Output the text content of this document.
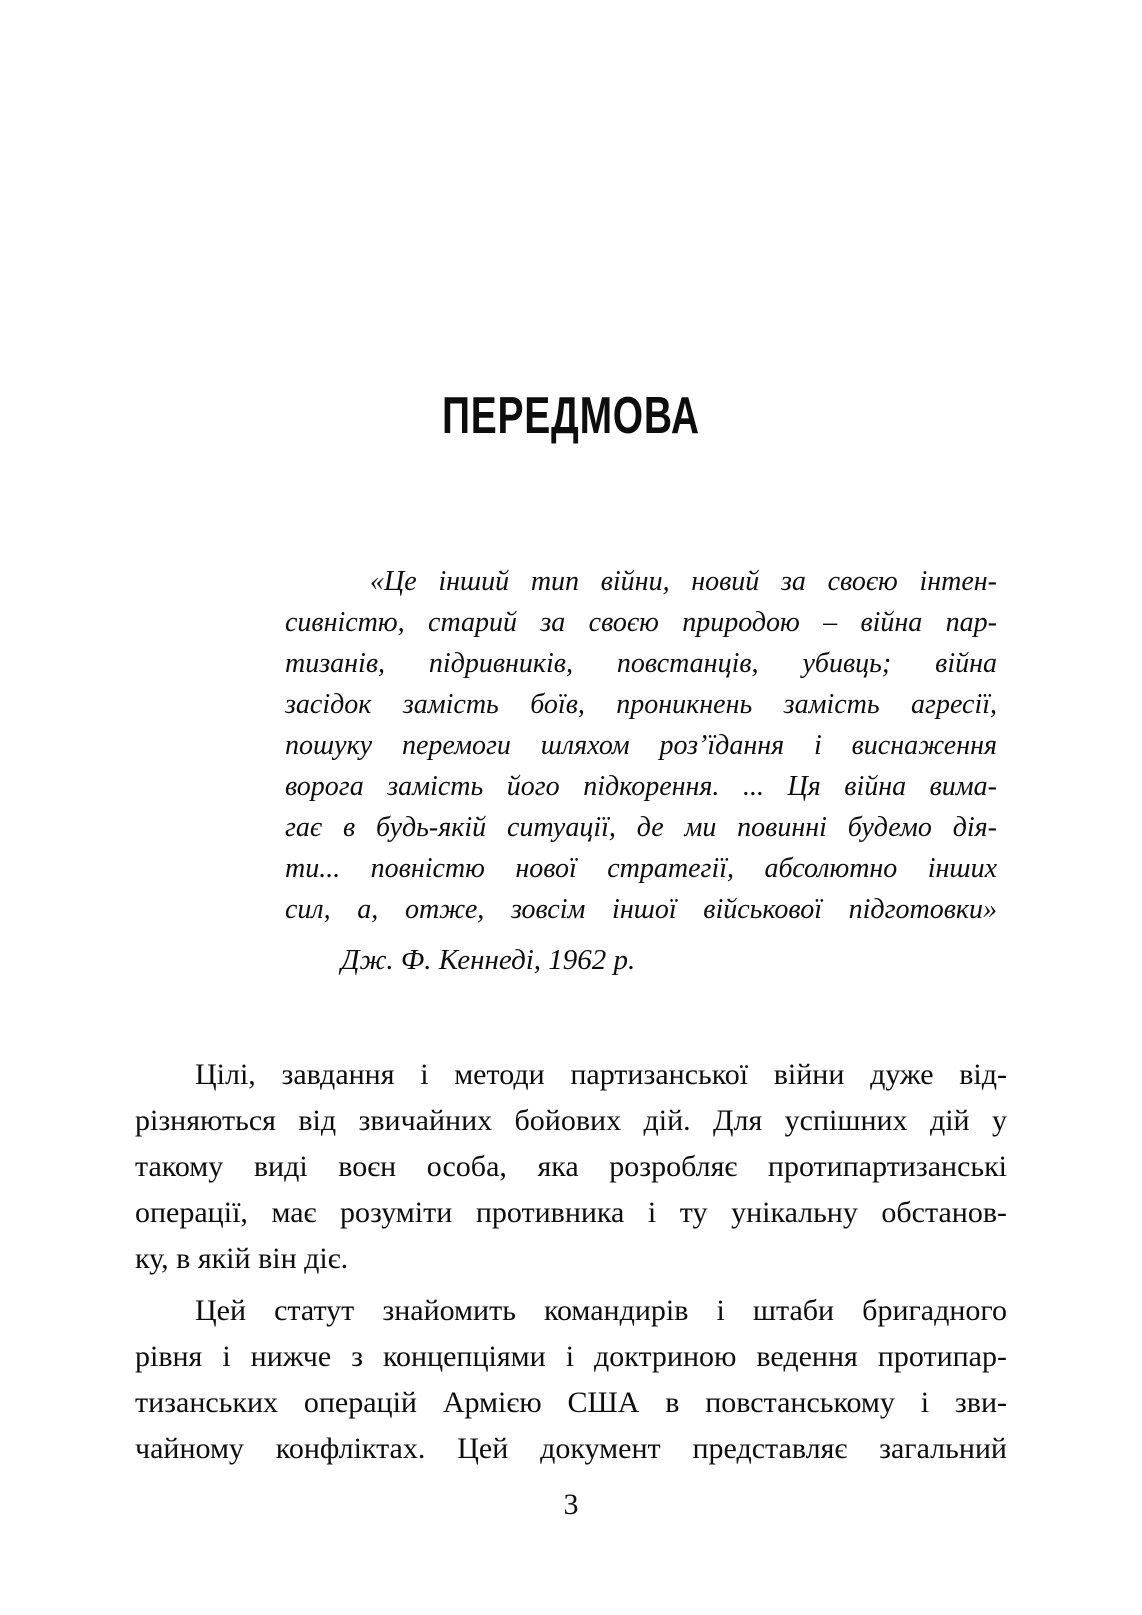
ПЕРЕДМОВА
«Це інший тип війни, новий за своєю інтен-
сивністю, старий за своєю природою – війна пар-
тизанів, підривників, повстанців, убивць; війна
засідок замість боїв, проникнень замість агресії,
пошуку перемоги шляхом роз’їдання і виснаження
ворога замість його підкорення. ... Ця війна вима-
гає в будь-якій ситуації, де ми повинні будемо дія-
ти... повністю нової стратегії, абсолютно інших
сил, а, отже, зовсім іншої військової підготовки»
Дж. Ф. Кеннеді, 1962 р.
Цілі, завдання і методи партизанської війни дуже від-
різняються від звичайних бойових дій. Для успішних дій у
такому виді воєн особа, яка розробляє протипартизанські
операції, має розуміти противника і ту унікальну обстанов-
ку, в якій він діє.
Цей статут знайомить командирів і штаби бригадного
рівня і нижче з концепціями і доктриною ведення протипар-
тизанських операцій Армією США в повстанському і зви-
чайному конфліктах. Цей документ представляє загальний
3
